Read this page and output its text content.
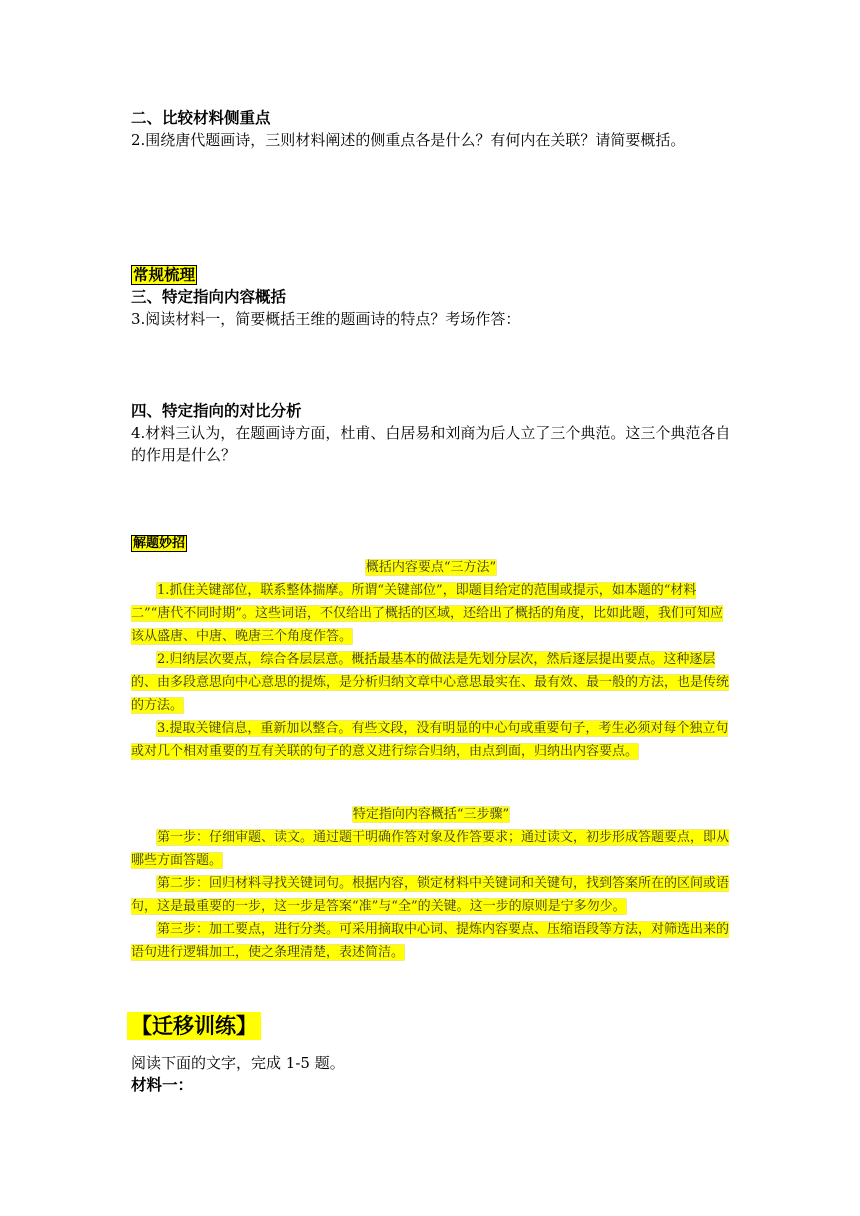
二、比较材料侧重点

2.围绕唐代题画诗，三则材料阐述的侧重点各是什么？有何内在关联？请简要概括。

常规梳理

三、特定指向内容概括

3.阅读材料一，简要概括王维的题画诗的特点？考场作答：

四、特定指向的对比分析

4.材料三认为，在题画诗方面，杜甫、白居易和刘商为后人立了三个典范。这三个典范各自的作用是什么？

解题妙招

概括内容要点“三方法”
1.抓住关键部位，联系整体揣摩。所谓“关键部位”，即题目给定的范围或提示，如本题的“材料二”“唐代不同时期”。这些词语，不仅给出了概括的区域，还给出了概括的角度，比如此题，我们可知应该从盛唐、中唐、晚唐三个角度作答。
2.归纳层次要点，综合各层层意。概括最基本的做法是先划分层次，然后逐层提出要点。这种逐层的、由多段意思向中心意思的提炼，是分析归纳文章中心意思最实在、最有效、最一般的方法，也是传统的方法。
3.提取关键信息，重新加以整合。有些文段，没有明显的中心句或重要句子，考生必须对每个独立句或对几个相对重要的互有关联的句子的意义进行综合归纳，由点到面，归纳出内容要点。
特定指向内容概括“三步骤”
第一步：仔细审题、读文。通过题干明确作答对象及作答要求；通过读文，初步形成答题要点，即从哪些方面答题。
第二步：回归材料寻找关键词句。根据内容，锁定材料中关键词和关键句，找到答案所在的区间或语句，这是最重要的一步，这一步是答案“准”与“全”的关键。这一步的原则是宁多勿少。
第三步：加工要点，进行分类。可采用摘取中心词、提炼内容要点、压缩语段等方法，对筛选出来的语句进行逻辑加工，使之条理清楚，表述简洁。

【迁移训练】

阅读下面的文字，完成 1-5 题。

材料一：
